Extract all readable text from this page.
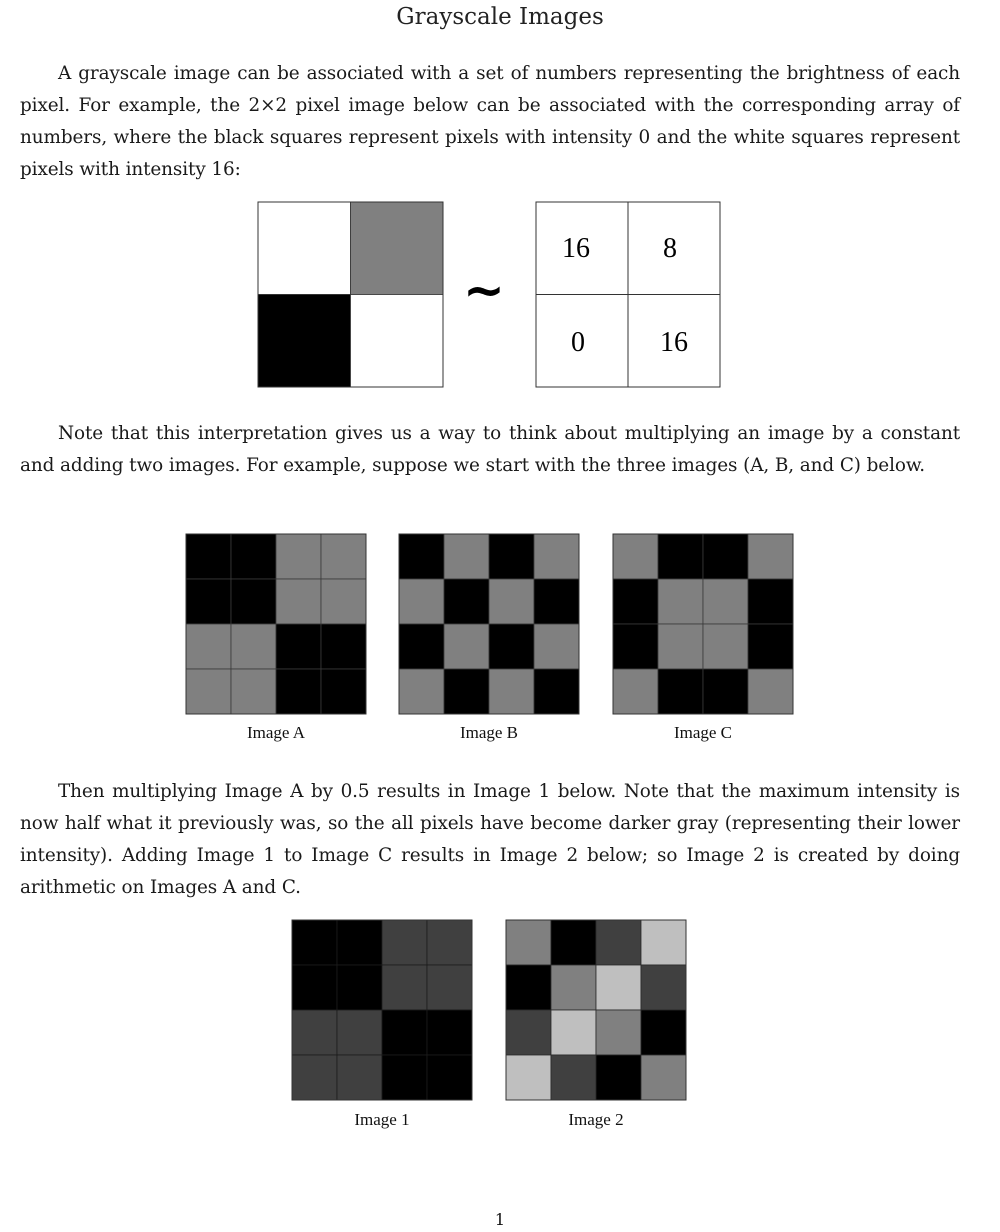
Grayscale Images

A grayscale image can be associated with a set of numbers representing the brightness of each pixel. For example, the 2×2 pixel image below can be associated with the corresponding array of numbers, where the black squares represent pixels with intensity 0 and the white squares represent pixels with intensity 16:

~
16	8
0	16

Note that this interpretation gives us a way to think about multiplying an image by a constant and adding two images. For example, suppose we start with the three images (A, B, and C) below.

Image A	Image B	Image C

Then multiplying Image A by 0.5 results in Image 1 below. Note that the maximum intensity is now half what it previously was, so the all pixels have become darker gray (representing their lower intensity). Adding Image 1 to Image C results in Image 2 below; so Image 2 is created by doing arithmetic on Images A and C.

Image 1	Image 2
1
